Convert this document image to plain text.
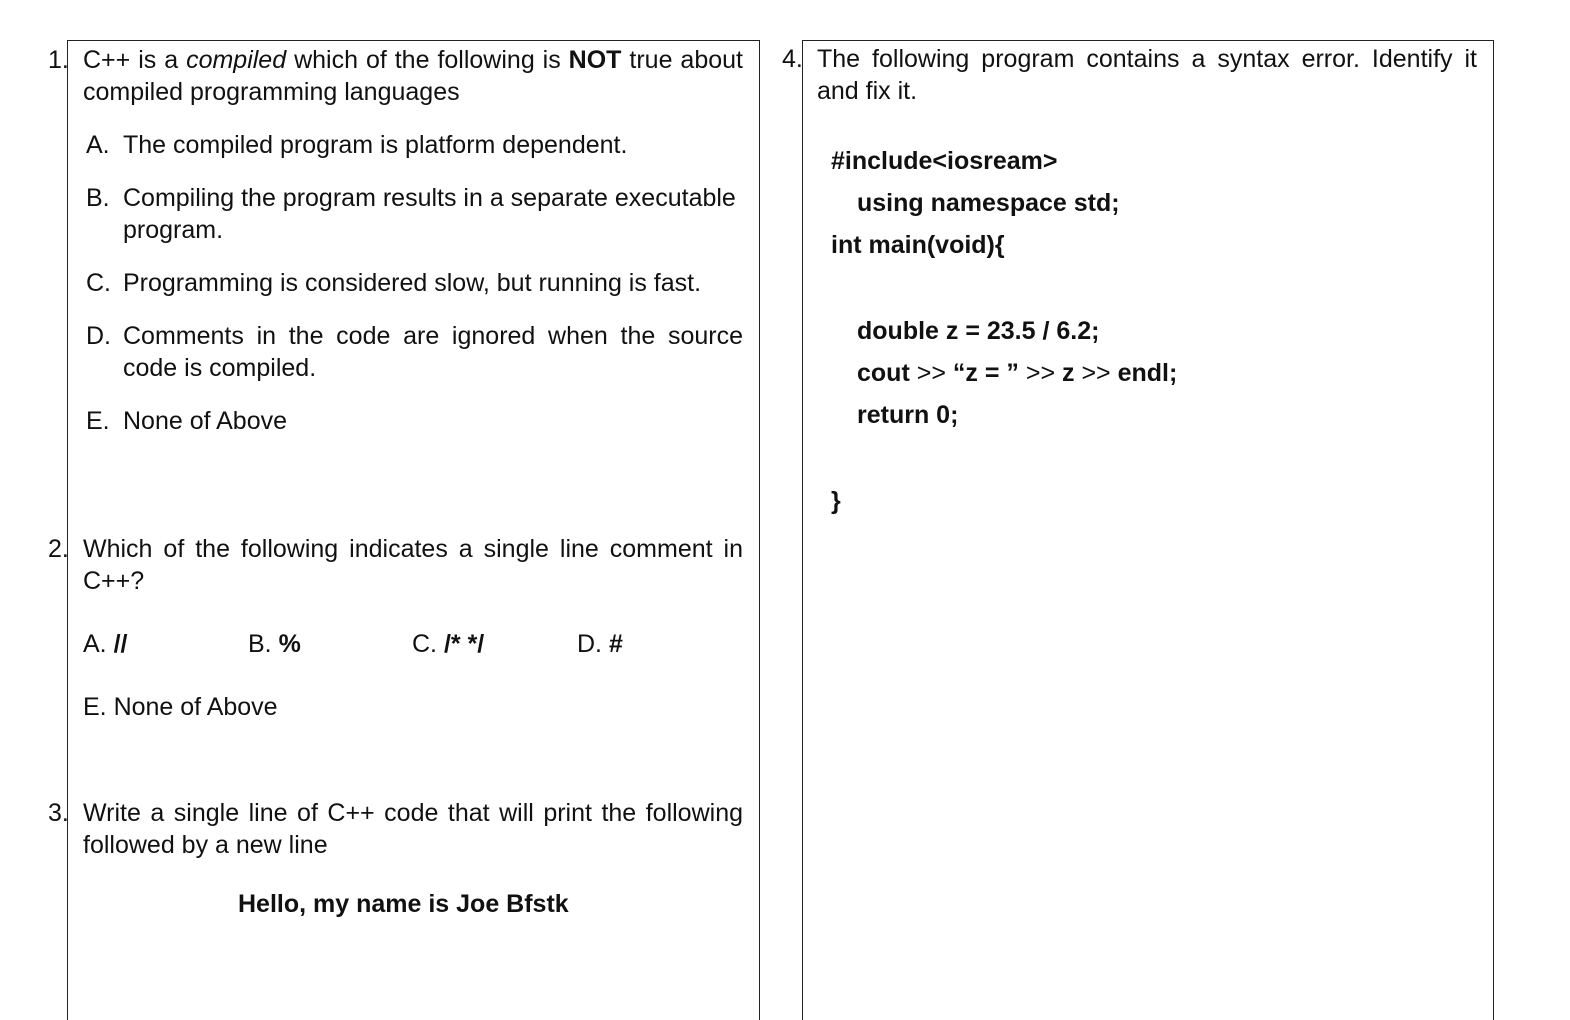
1. C++ is a compiled which of the following is NOT true about compiled programming languages
A. The compiled program is platform dependent.
B. Compiling the program results in a separate executable program.
C. Programming is considered slow, but running is fast.
D. Comments in the code are ignored when the source code is compiled.
E. None of Above
2. Which of the following indicates a single line comment in C++?
A. //	B. %	C. /* */	D. #
E. None of Above
3. Write a single line of C++ code that will print the following followed by a new line
Hello, my name is Joe Bfstk
4. The following program contains a syntax error. Identify it and fix it.
#include<iosream>
using namespace std;
int main(void){
double z = 23.5 / 6.2;
cout >> “z = ” >> z >> endl;
return 0;
}
